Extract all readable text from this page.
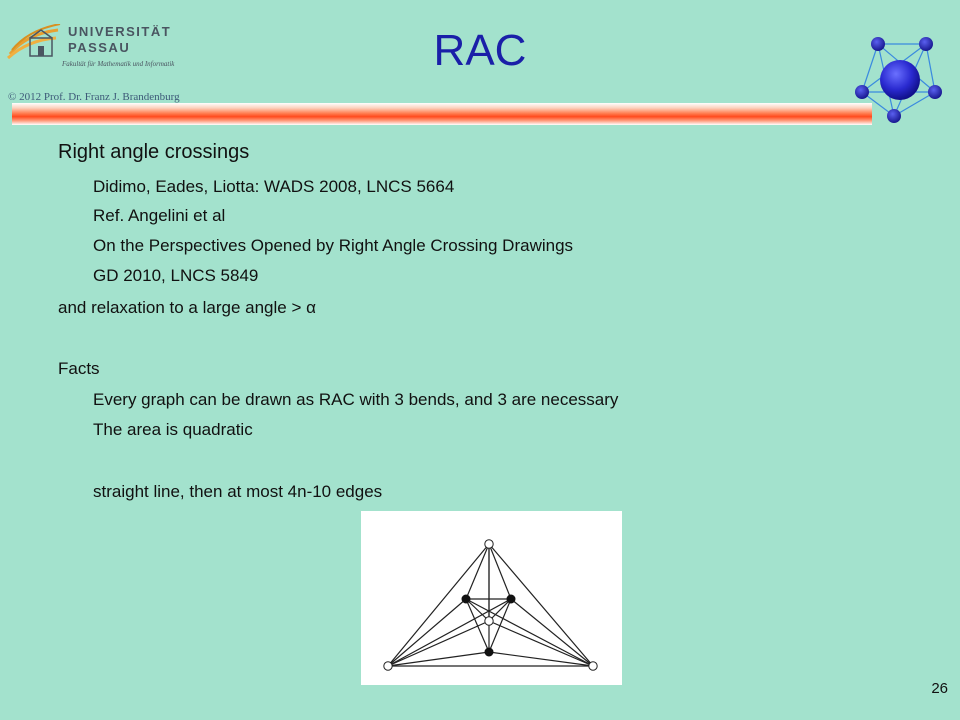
UNIVERSITÄT
PASSAU
Fakultät für Mathematik und Informatik
© 2012 Prof. Dr. Franz J. Brandenburg
RAC
Right angle crossings
Didimo, Eades, Liotta: WADS 2008, LNCS 5664
Ref. Angelini et al
On the Perspectives Opened by Right Angle Crossing Drawings
GD 2010, LNCS 5849
and relaxation to a large angle > α
Facts
Every graph can be drawn as RAC with 3 bends, and 3 are necessary
The area is quadratic
straight line, then at most 4n-10 edges
26
